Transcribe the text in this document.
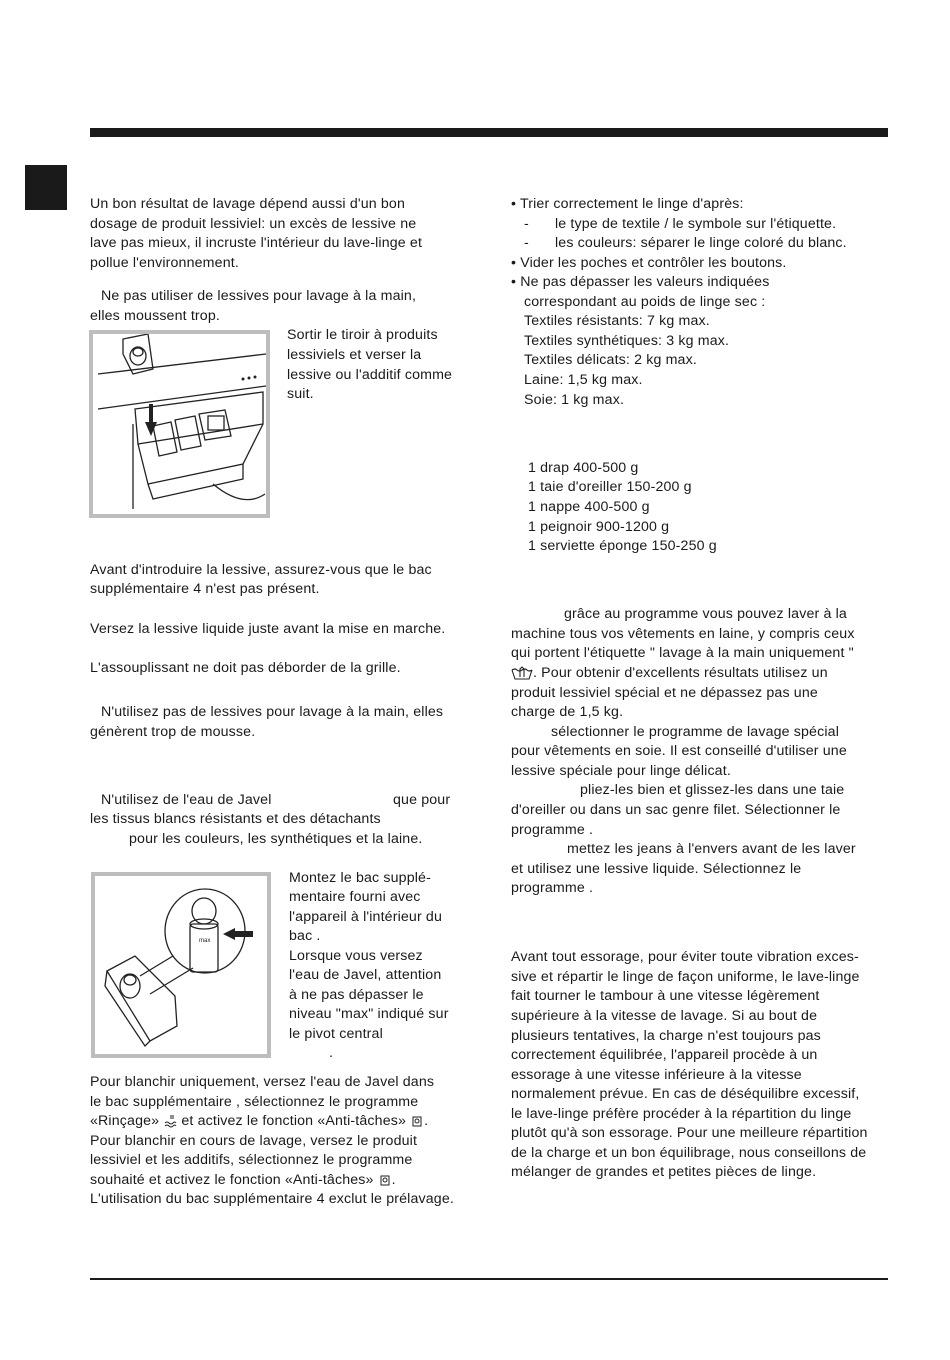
Un bon résultat de lavage dépend aussi d'un bon
dosage de produit lessiviel: un excès de lessive ne
lave pas mieux, il incruste l'intérieur du lave-linge et
pollue l'environnement.
Ne pas utiliser de lessives pour lavage à la main,
elles moussent trop.
Sortir le tiroir à produits
lessiviels et verser la
lessive ou l'additif comme
suit.
Avant d'introduire la lessive, assurez-vous que le bac
supplémentaire 4 n'est pas présent.
Versez la lessive liquide juste avant la mise en marche.
L'assouplissant ne doit pas déborder de la grille.
N'utilisez pas de lessives pour lavage à la main, elles
génèrent trop de mousse.
N'utilisez de l'eau de Javel	que pour
les tissus blancs résistants et des détachants
pour les couleurs, les synthétiques et la laine.
max
Montez le bac supplé-
mentaire fourni avec
l'appareil à l'intérieur du
bac .
Lorsque vous versez
l'eau de Javel, attention
à ne pas dépasser le
niveau "max" indiqué sur
le pivot central
.
Pour blanchir uniquement, versez l'eau de Javel dans
le bac supplémentaire , sélectionnez le programme
«Rinçage» et activez le fonction «Anti-tâches» .
Pour blanchir en cours de lavage, versez le produit
lessiviel et les additifs, sélectionnez le programme
souhaité et activez le fonction «Anti-tâches» .
L'utilisation du bac supplémentaire 4 exclut le prélavage.
• Trier correctement le linge d'après:
- le type de textile / le symbole sur l'étiquette.
- les couleurs: séparer le linge coloré du blanc.
• Vider les poches et contrôler les boutons.
• Ne pas dépasser les valeurs indiquées
correspondant au poids de linge sec :
Textiles résistants: 7 kg max.
Textiles synthétiques: 3 kg max.
Textiles délicats: 2 kg max.
Laine: 1,5 kg max.
Soie: 1 kg max.
1 drap 400-500 g
1 taie d'oreiller 150-200 g
1 nappe 400-500 g
1 peignoir 900-1200 g
1 serviette éponge 150-250 g
grâce au programme vous pouvez laver à la
machine tous vos vêtements en laine, y compris ceux
qui portent l'étiquette " lavage à la main uniquement "
. Pour obtenir d'excellents résultats utilisez un
produit lessiviel spécial et ne dépassez pas une
charge de 1,5 kg.
sélectionner le programme de lavage spécial
pour vêtements en soie. Il est conseillé d'utiliser une
lessive spéciale pour linge délicat.
pliez-les bien et glissez-les dans une taie
d'oreiller ou dans un sac genre filet. Sélectionner le
programme .
mettez les jeans à l'envers avant de les laver
et utilisez une lessive liquide. Sélectionnez le
programme .
Avant tout essorage, pour éviter toute vibration exces-
sive et répartir le linge de façon uniforme, le lave-linge
fait tourner le tambour à une vitesse légèrement
supérieure à la vitesse de lavage. Si au bout de
plusieurs tentatives, la charge n'est toujours pas
correctement équilibrée, l'appareil procède à un
essorage à une vitesse inférieure à la vitesse
normalement prévue. En cas de déséquilibre excessif,
le lave-linge préfère procéder à la répartition du linge
plutôt qu'à son essorage. Pour une meilleure répartition
de la charge et un bon équilibrage, nous conseillons de
mélanger de grandes et petites pièces de linge.
